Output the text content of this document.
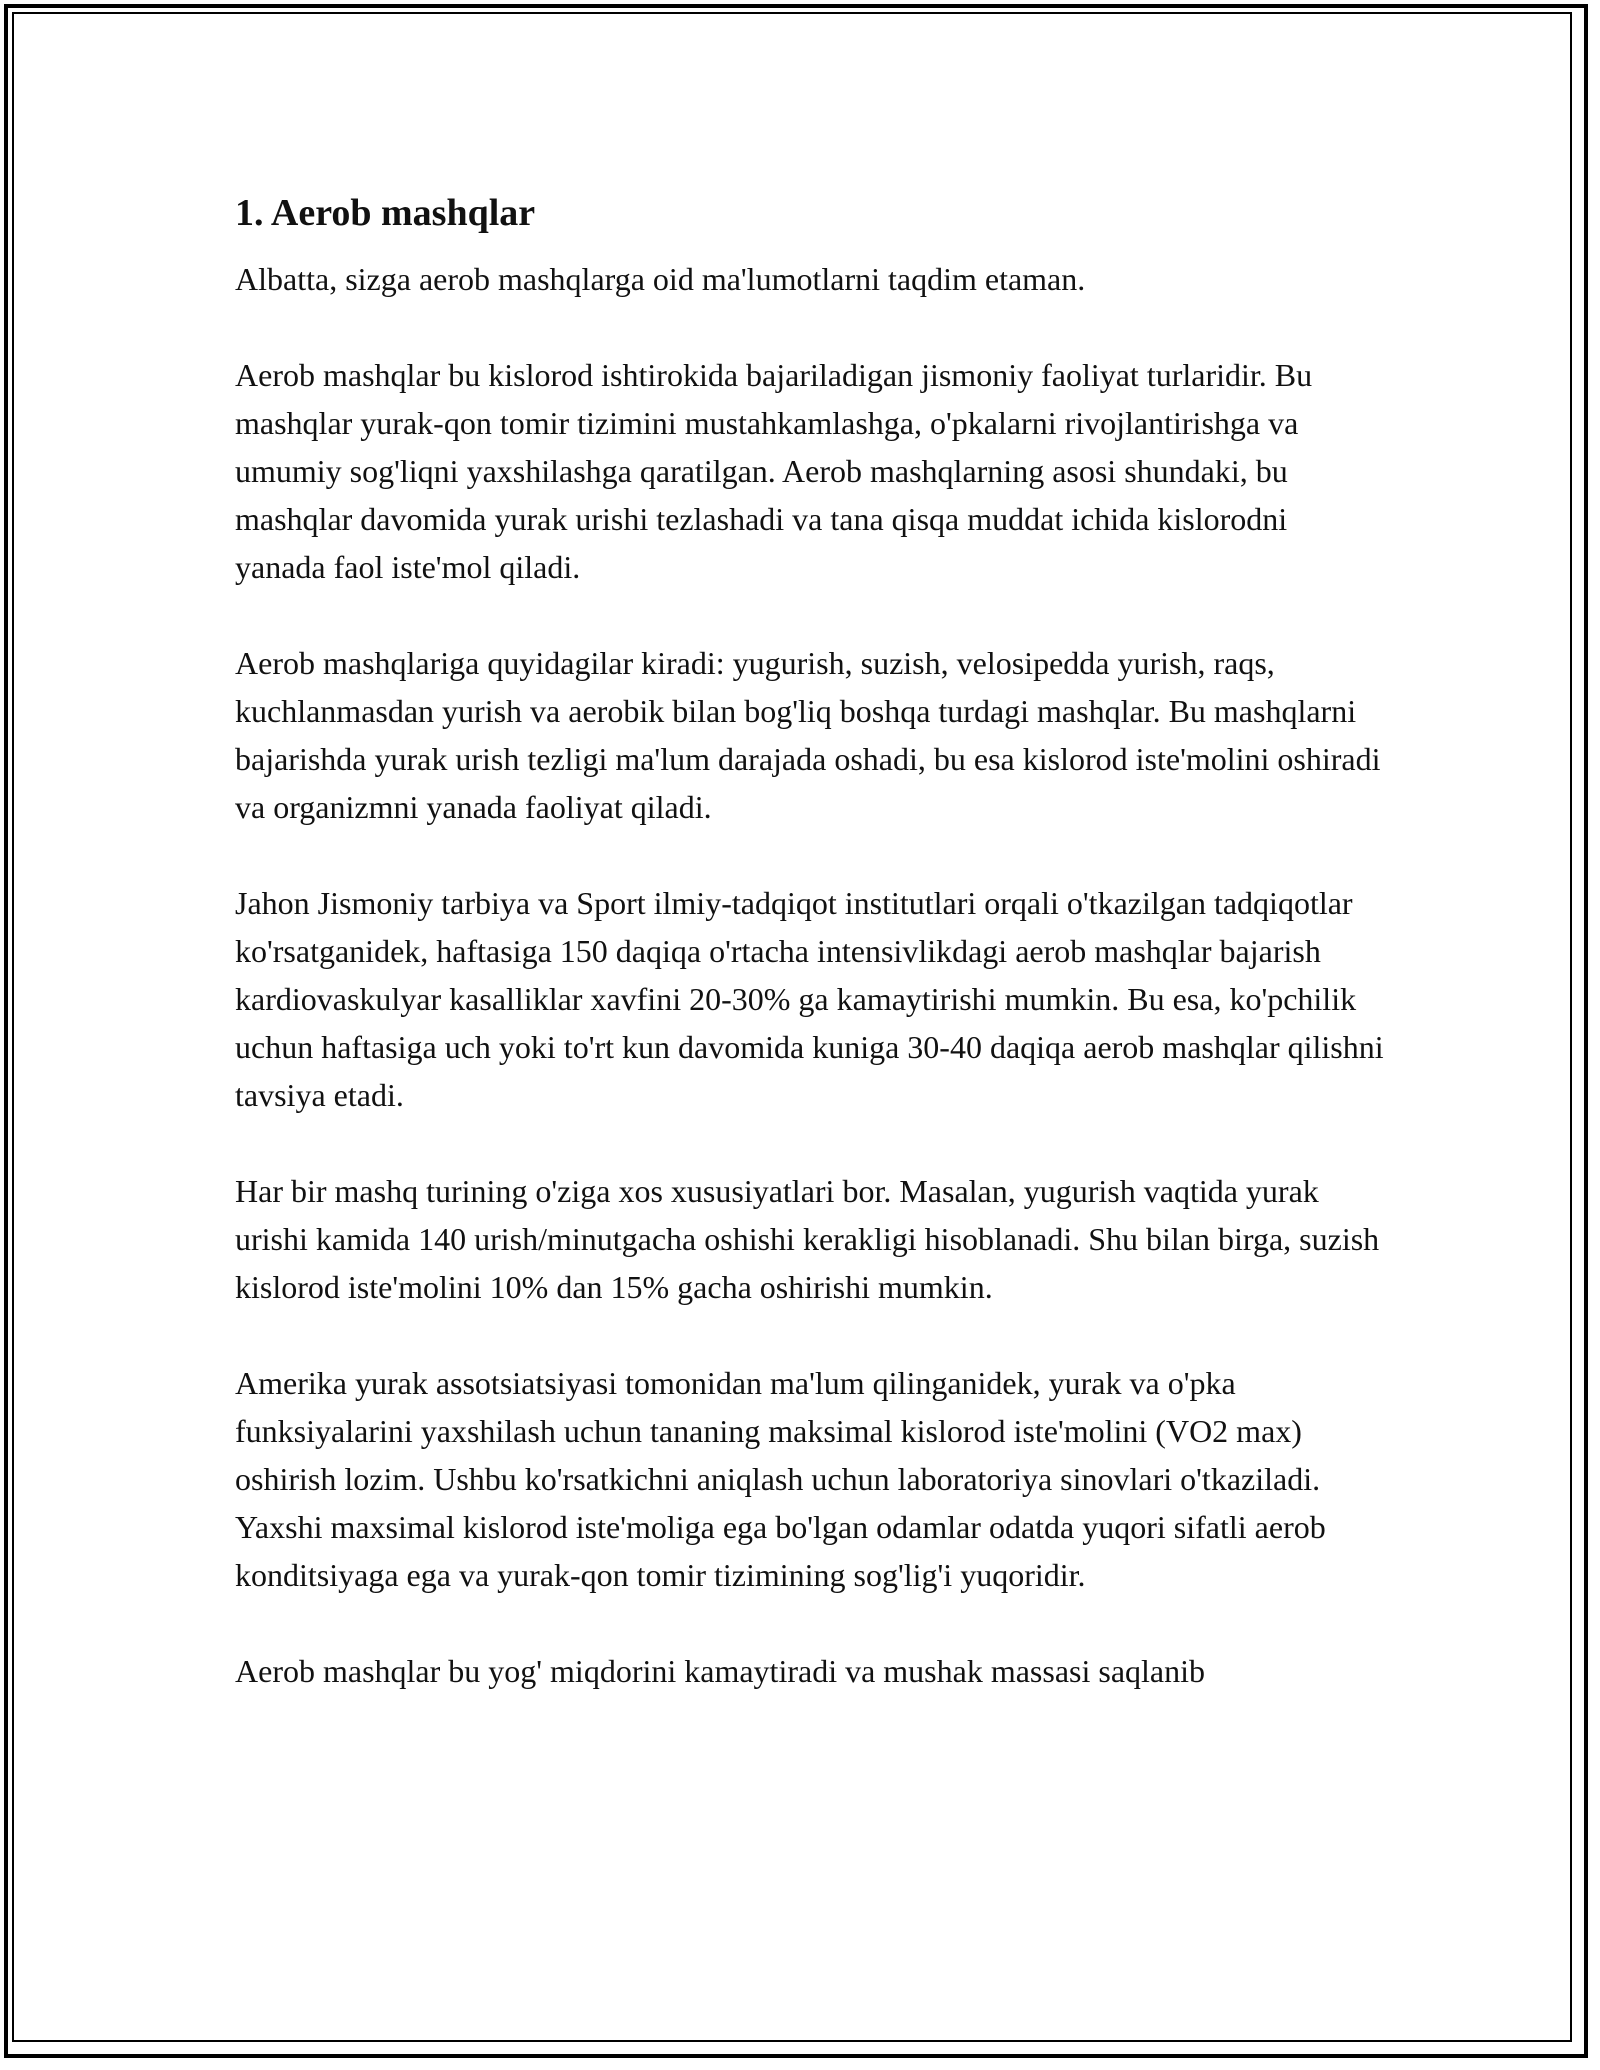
1. Aerob mashqlar

Albatta, sizga aerob mashqlarga oid ma'lumotlarni taqdim etaman.

Aerob mashqlar bu kislorod ishtirokida bajariladigan jismoniy faoliyat turlaridir. Bu mashqlar yurak-qon tomir tizimini mustahkamlashga, o'pkalarni rivojlantirishga va umumiy sog'liqni yaxshilashga qaratilgan. Aerob mashqlarning asosi shundaki, bu mashqlar davomida yurak urishi tezlashadi va tana qisqa muddat ichida kislorodni yanada faol iste'mol qiladi.

Aerob mashqlariga quyidagilar kiradi: yugurish, suzish, velosipedda yurish, raqs, kuchlanmasdan yurish va aerobik bilan bog'liq boshqa turdagi mashqlar. Bu mashqlarni bajarishda yurak urish tezligi ma'lum darajada oshadi, bu esa kislorod iste'molini oshiradi va organizmni yanada faoliyat qiladi.

Jahon Jismoniy tarbiya va Sport ilmiy-tadqiqot institutlari orqali o'tkazilgan tadqiqotlar ko'rsatganidek, haftasiga 150 daqiqa o'rtacha intensivlikdagi aerob mashqlar bajarish kardiovaskulyar kasalliklar xavfini 20-30% ga kamaytirishi mumkin. Bu esa, ko'pchilik uchun haftasiga uch yoki to'rt kun davomida kuniga 30-40 daqiqa aerob mashqlar qilishni tavsiya etadi.

Har bir mashq turining o'ziga xos xususiyatlari bor. Masalan, yugurish vaqtida yurak urishi kamida 140 urish/minutgacha oshishi kerakligi hisoblanadi. Shu bilan birga, suzish kislorod iste'molini 10% dan 15% gacha oshirishi mumkin.

Amerika yurak assotsiatsiyasi tomonidan ma'lum qilinganidek, yurak va o'pka funksiyalarini yaxshilash uchun tananing maksimal kislorod iste'molini (VO2 max) oshirish lozim. Ushbu ko'rsatkichni aniqlash uchun laboratoriya sinovlari o'tkaziladi. Yaxshi maxsimal kislorod iste'moliga ega bo'lgan odamlar odatda yuqori sifatli aerob konditsiyaga ega va yurak-qon tomir tizimining sog'lig'i yuqoridir.

Aerob mashqlar bu yog' miqdorini kamaytiradi va mushak massasi saqlanib
